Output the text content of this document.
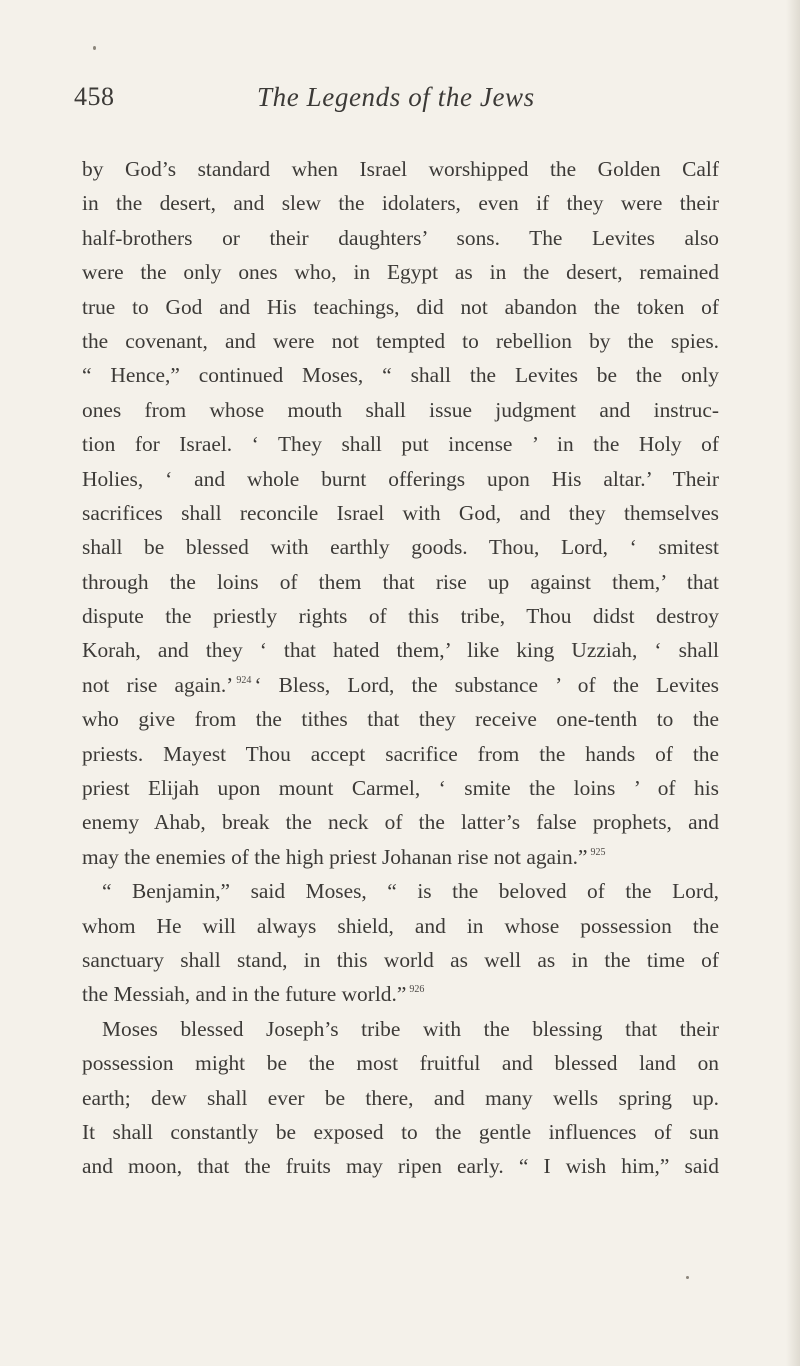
458	The Legends of the Jews
by God’s standard when Israel worshipped the Golden Calf
in the desert, and slew the idolaters, even if they were their
half-brothers or their daughters’ sons. The Levites also
were the only ones who, in Egypt as in the desert, remained
true to God and His teachings, did not abandon the token of
the covenant, and were not tempted to rebellion by the spies.
“ Hence,” continued Moses, “ shall the Levites be the only
ones from whose mouth shall issue judgment and instruc-
tion for Israel. ‘ They shall put incense ’ in the Holy of
Holies, ‘ and whole burnt offerings upon His altar.’ Their
sacrifices shall reconcile Israel with God, and they themselves
shall be blessed with earthly goods. Thou, Lord, ‘ smitest
through the loins of them that rise up against them,’ that
dispute the priestly rights of this tribe, Thou didst destroy
Korah, and they ‘ that hated them,’ like king Uzziah, ‘ shall
not rise again.’ $^{924}$ ‘ Bless, Lord, the substance ’ of the Levites
who give from the tithes that they receive one-tenth to the
priests. Mayest Thou accept sacrifice from the hands of the
priest Elijah upon mount Carmel, ‘ smite the loins ’ of his
enemy Ahab, break the neck of the latter’s false prophets, and
may the enemies of the high priest Johanan rise not again.” $^{925}$
“ Benjamin,” said Moses, “ is the beloved of the Lord,
whom He will always shield, and in whose possession the
sanctuary shall stand, in this world as well as in the time of
the Messiah, and in the future world.” $^{926}$
Moses blessed Joseph’s tribe with the blessing that their
possession might be the most fruitful and blessed land on
earth; dew shall ever be there, and many wells spring up.
It shall constantly be exposed to the gentle influences of sun
and moon, that the fruits may ripen early. “ I wish him,” said
